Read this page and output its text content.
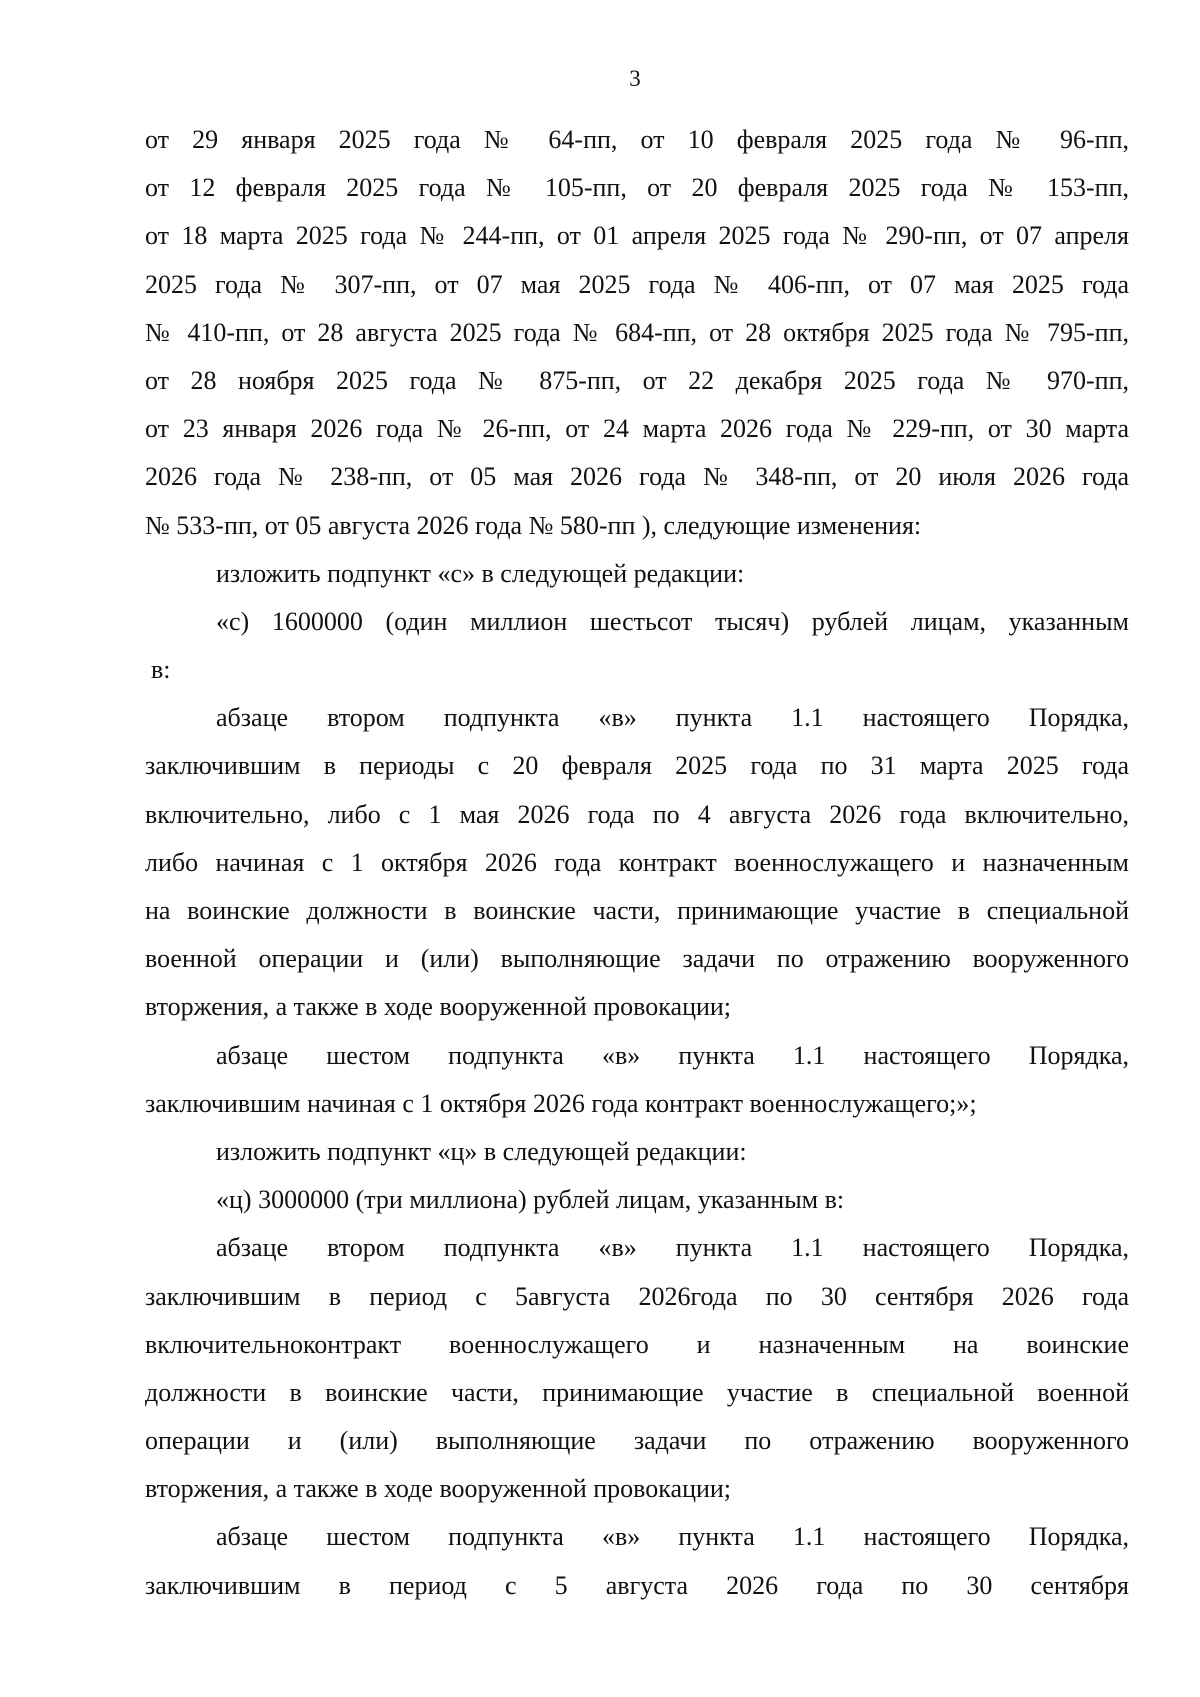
3
от 29 января 2025 года № 64-пп, от 10 февраля 2025 года № 96-пп,
от 12 февраля 2025 года № 105-пп, от 20 февраля 2025 года № 153-пп,
от 18 марта 2025 года № 244-пп, от 01 апреля 2025 года № 290-пп, от 07 апреля
2025 года № 307-пп, от 07 мая 2025 года № 406-пп, от 07 мая 2025 года
№ 410-пп, от 28 августа 2025 года № 684-пп, от 28 октября 2025 года № 795-пп,
от 28 ноября 2025 года № 875-пп, от 22 декабря 2025 года № 970-пп,
от 23 января 2026 года № 26-пп, от 24 марта 2026 года № 229-пп, от 30 марта
2026 года № 238-пп, от 05 мая 2026 года № 348-пп, от 20 июля 2026 года
№ 533-пп, от 05 августа 2026 года № 580-пп ), следующие изменения:
изложить подпункт «с» в следующей редакции:
«с) 1600000 (один миллион шестьсот тысяч) рублей лицам, указанным
в:
абзаце втором подпункта «в» пункта 1.1 настоящего Порядка,
заключившим в периоды с 20 февраля 2025 года по 31 марта 2025 года
включительно, либо с 1 мая 2026 года по 4 августа 2026 года включительно,
либо начиная с 1 октября 2026 года контракт военнослужащего и назначенным
на воинские должности в воинские части, принимающие участие в специальной
военной операции и (или) выполняющие задачи по отражению вооруженного
вторжения, а также в ходе вооруженной провокации;
абзаце шестом подпункта «в» пункта 1.1 настоящего Порядка,
заключившим начиная с 1 октября 2026 года контракт военнослужащего;»;
изложить подпункт «ц» в следующей редакции:
«ц) 3000000 (три миллиона) рублей лицам, указанным в:
абзаце втором подпункта «в» пункта 1.1 настоящего Порядка,
заключившим в период с 5августа 2026года по 30 сентября 2026 года
включительноконтракт военнослужащего и назначенным на воинские
должности в воинские части, принимающие участие в специальной военной
операции и (или) выполняющие задачи по отражению вооруженного
вторжения, а также в ходе вооруженной провокации;
абзаце шестом подпункта «в» пункта 1.1 настоящего Порядка,
заключившим в период с 5 августа 2026 года по 30 сентября
